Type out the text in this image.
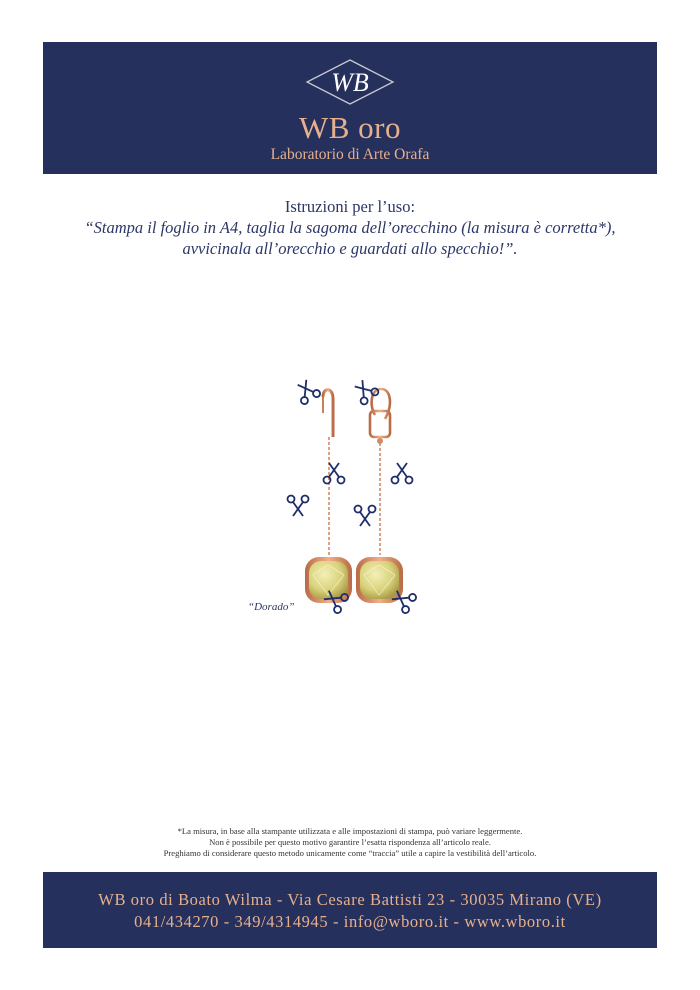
WB
WB oro
Laboratorio di Arte Orafa
Istruzioni per l’uso:
“Stampa il foglio in A4, taglia la sagoma dell’orecchino (la misura è corretta*),
avvicinala all’orecchio e guardati allo specchio!”.
“Dorado”
*La misura, in base alla stampante utilizzata e alle impostazioni di stampa, può variare leggermente.
Non è possibile per questo motivo garantire l’esatta rispondenza all’articolo reale.
Preghiamo di considerare questo metodo unicamente come “traccia” utile a capire la vestibilità dell’articolo.
WB oro di Boato Wilma - Via Cesare Battisti 23 - 30035 Mirano (VE)
041/434270 - 349/4314945 - info@wboro.it - www.wboro.it
